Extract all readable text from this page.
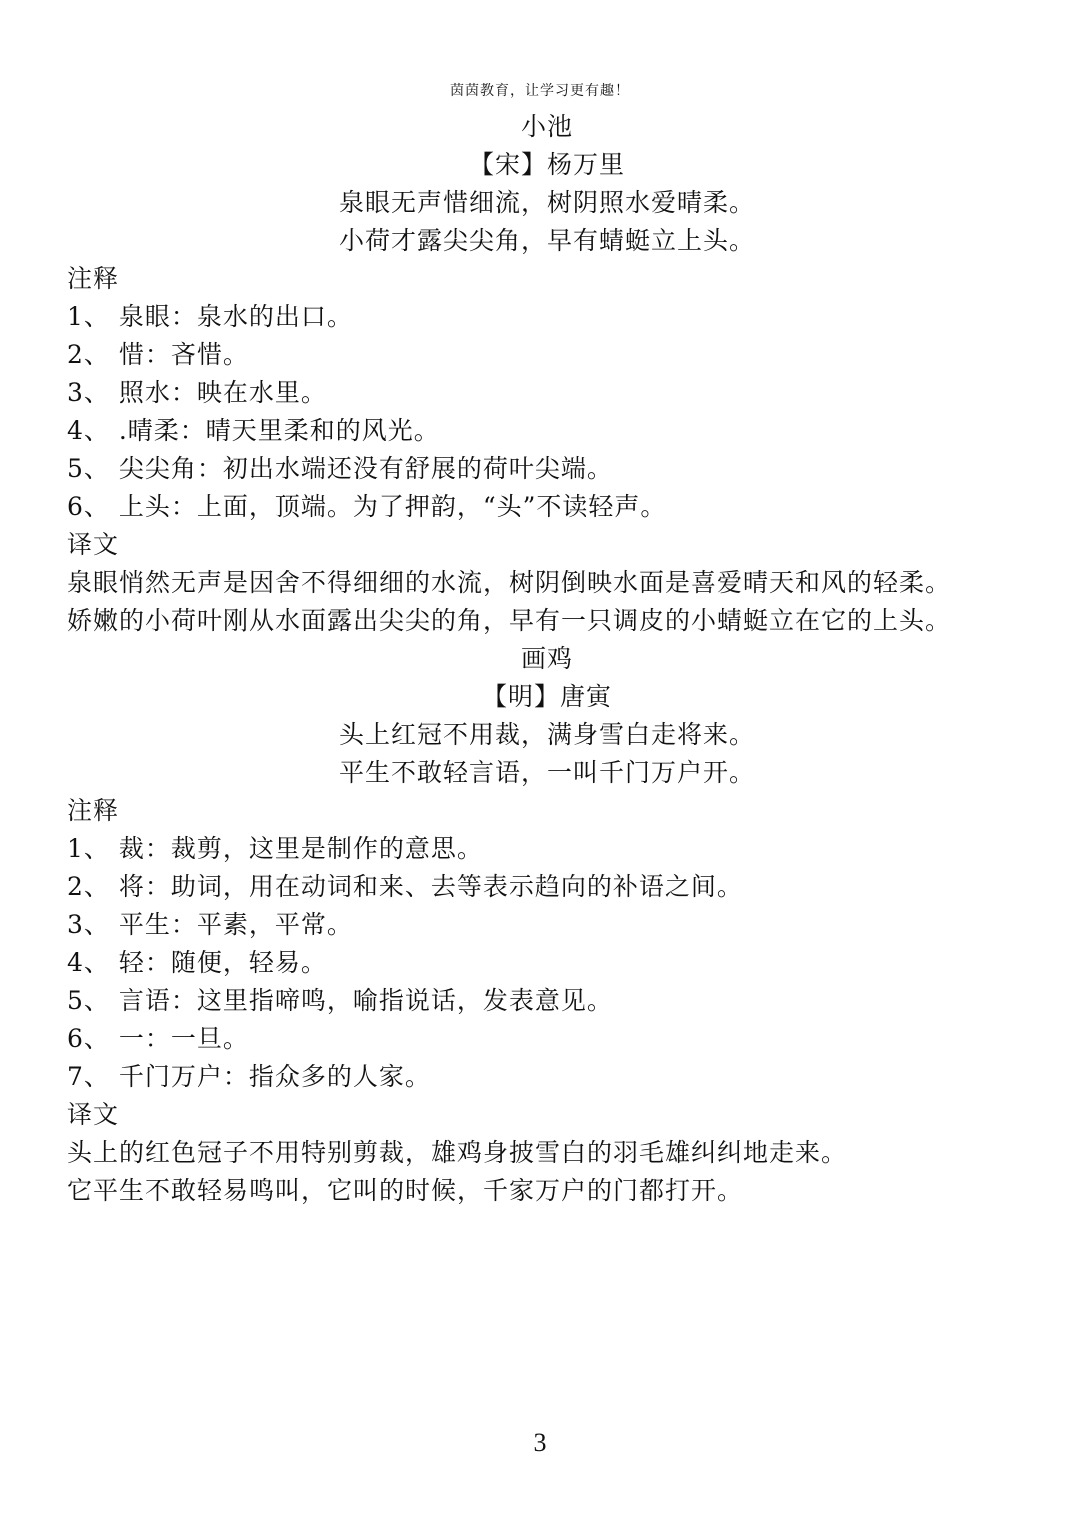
茵茵教育，让学习更有趣！
小池
【宋】杨万里
泉眼无声惜细流，树阴照水爱晴柔。
小荷才露尖尖角，早有蜻蜓立上头。
注释
1、 泉眼：泉水的出口。
2、 惜：吝惜。
3、 照水：映在水里。
4、 .晴柔：晴天里柔和的风光。
5、 尖尖角：初出水端还没有舒展的荷叶尖端。
6、 上头：上面，顶端。为了押韵，“头”不读轻声。
译文
泉眼悄然无声是因舍不得细细的水流，树阴倒映水面是喜爱晴天和风的轻柔。
娇嫩的小荷叶刚从水面露出尖尖的角，早有一只调皮的小蜻蜓立在它的上头。
画鸡
【明】唐寅
头上红冠不用裁，满身雪白走将来。
平生不敢轻言语，一叫千门万户开。
注释
1、 裁：裁剪，这里是制作的意思。
2、 将：助词，用在动词和来、去等表示趋向的补语之间。
3、 平生：平素，平常。
4、 轻：随便，轻易。
5、 言语：这里指啼鸣，喻指说话，发表意见。
6、 一：一旦。
7、 千门万户：指众多的人家。
译文
头上的红色冠子不用特别剪裁，雄鸡身披雪白的羽毛雄纠纠地走来。
它平生不敢轻易鸣叫，它叫的时候，千家万户的门都打开。
3
